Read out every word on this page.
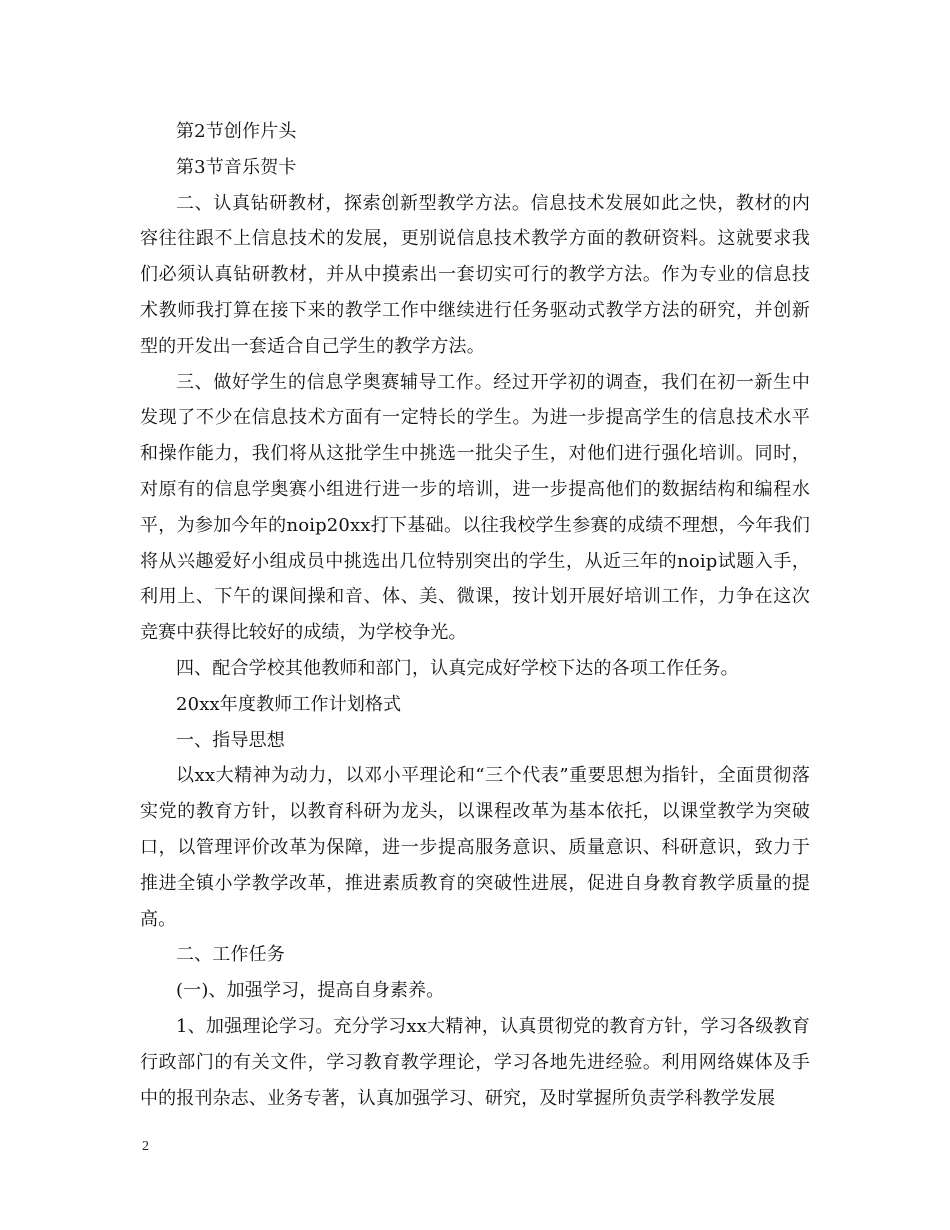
第2节创作片头

第3节音乐贺卡

二、认真钻研教材，探索创新型教学方法。信息技术发展如此之快，教材的内容往往跟不上信息技术的发展，更别说信息技术教学方面的教研资料。这就要求我们必须认真钻研教材，并从中摸索出一套切实可行的教学方法。作为专业的信息技术教师我打算在接下来的教学工作中继续进行任务驱动式教学方法的研究，并创新型的开发出一套适合自己学生的教学方法。

三、做好学生的信息学奥赛辅导工作。经过开学初的调查，我们在初一新生中发现了不少在信息技术方面有一定特长的学生。为进一步提高学生的信息技术水平和操作能力，我们将从这批学生中挑选一批尖子生，对他们进行强化培训。同时，对原有的信息学奥赛小组进行进一步的培训，进一步提高他们的数据结构和编程水平，为参加今年的noip20xx打下基础。以往我校学生参赛的成绩不理想，今年我们将从兴趣爱好小组成员中挑选出几位特别突出的学生，从近三年的noip试题入手，利用上、下午的课间操和音、体、美、微课，按计划开展好培训工作，力争在这次竞赛中获得比较好的成绩，为学校争光。

四、配合学校其他教师和部门，认真完成好学校下达的各项工作任务。

20xx年度教师工作计划格式

一、指导思想

以xx大精神为动力，以邓小平理论和“三个代表”重要思想为指针，全面贯彻落实党的教育方针，以教育科研为龙头，以课程改革为基本依托，以课堂教学为突破口，以管理评价改革为保障，进一步提高服务意识、质量意识、科研意识，致力于推进全镇小学教学改革，推进素质教育的突破性进展，促进自身教育教学质量的提高。

二、工作任务

(一)、加强学习，提高自身素养。

1、加强理论学习。充分学习xx大精神，认真贯彻党的教育方针，学习各级教育行政部门的有关文件，学习教育教学理论，学习各地先进经验。利用网络媒体及手中的报刊杂志、业务专著，认真加强学习、研究，及时掌握所负责学科教学发展

2
